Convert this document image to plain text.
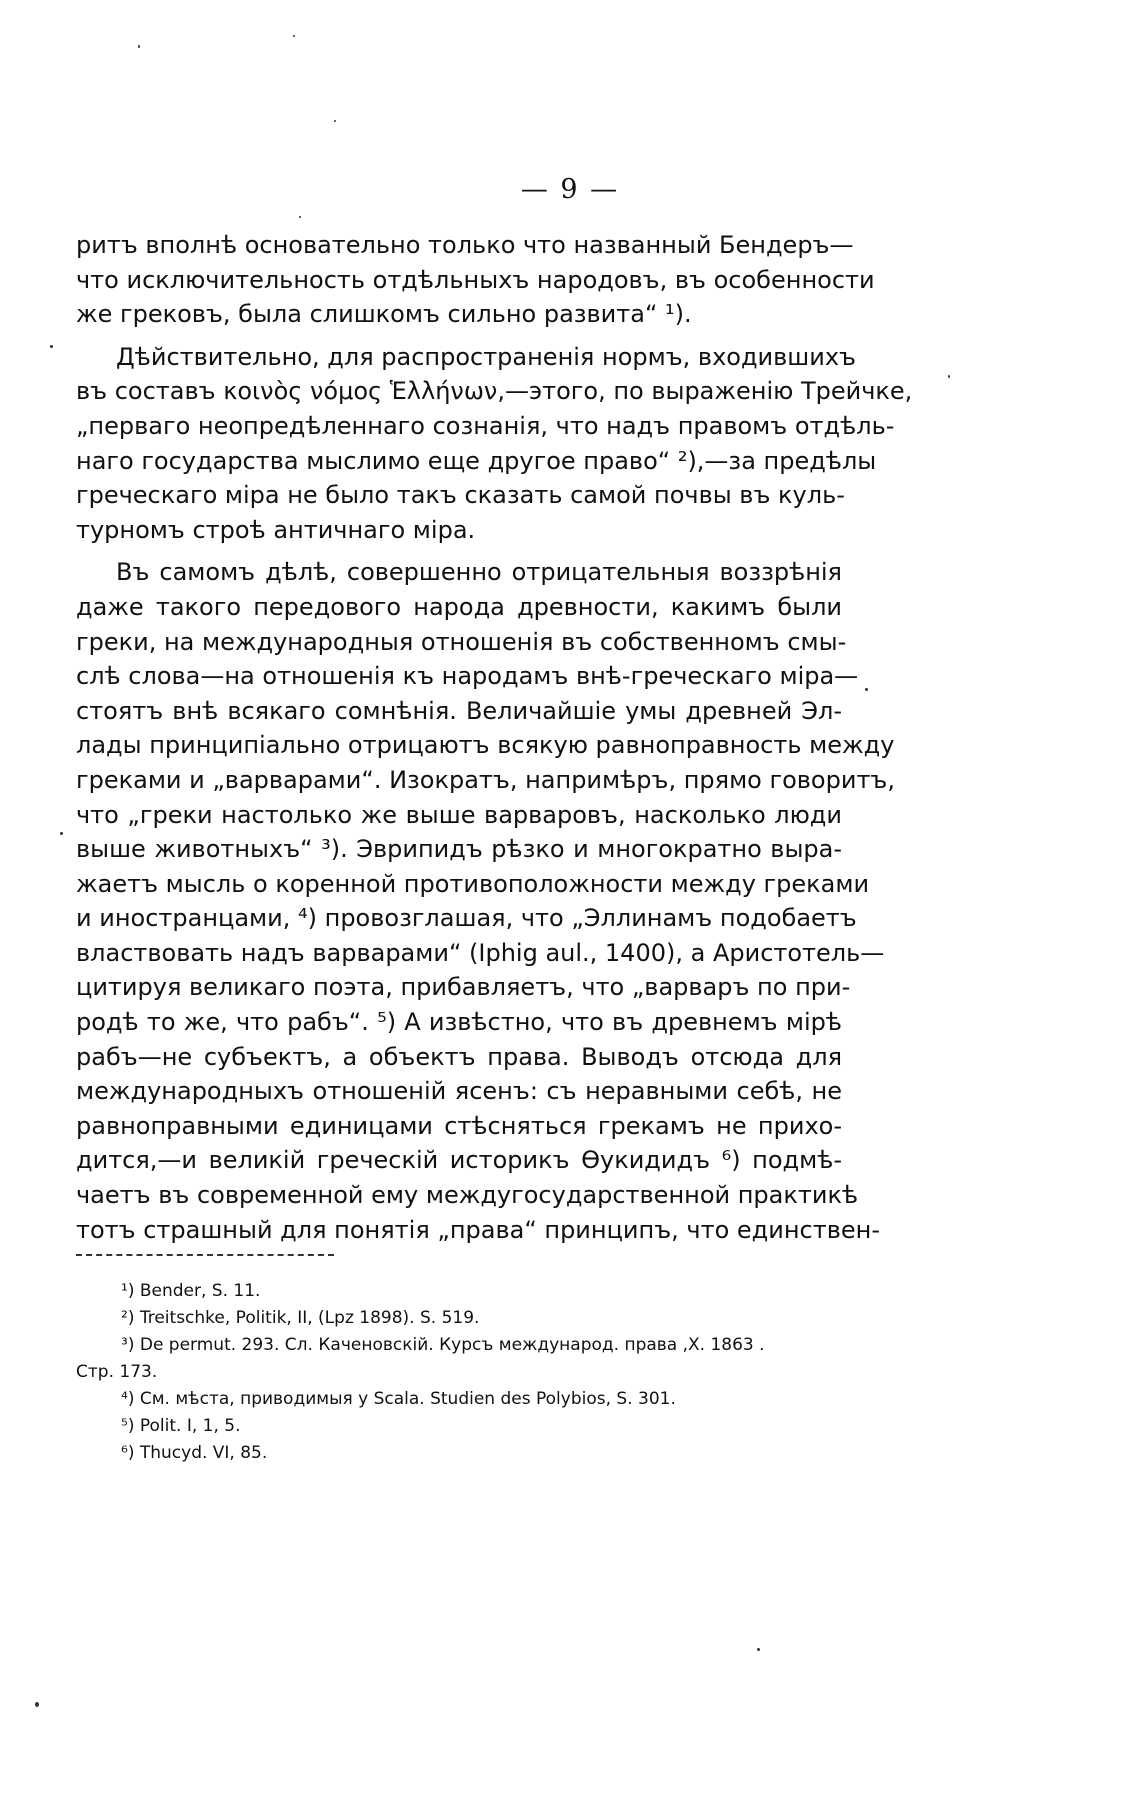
— 9 —
ритъ вполнѣ основательно только что названный Бендеръ—
что исключительность отдѣльныхъ народовъ, въ особенности
же грековъ, была слишкомъ сильно развита“ ¹).
Дѣйствительно, для распространенія нормъ, входившихъ
въ составъ κοινὸς νόμος Ἑλλήνων,—этого, по выраженію Трейчке,
„перваго неопредѣленнаго сознанія, что надъ правомъ отдѣль-
наго государства мыслимо еще другое право“ ²),—за предѣлы
греческаго міра не было такъ сказать самой почвы въ куль-
турномъ строѣ античнаго міра.
Въ самомъ дѣлѣ, совершенно отрицательныя воззрѣнія
даже такого передового народа древности, какимъ были
греки, на международныя отношенія въ собственномъ смы-
слѣ слова—на отношенія къ народамъ внѣ-греческаго міра—
стоятъ внѣ всякаго сомнѣнія. Величайшіе умы древней Эл-
лады принципіально отрицаютъ всякую равноправность между
греками и „варварами“. Изократъ, напримѣръ, прямо говоритъ,
что „греки настолько же выше варваровъ, насколько люди
выше животныхъ“ ³). Эврипидъ рѣзко и многократно выра-
жаетъ мысль о коренной противоположности между греками
и иностранцами, ⁴) провозглашая, что „Эллинамъ подобаетъ
властвовать надъ варварами“ (Iphig aul., 1400), а Аристотель—
цитируя великаго поэта, прибавляетъ, что „варваръ по при-
родѣ то же, что рабъ“. ⁵) А извѣстно, что въ древнемъ мірѣ
рабъ—не субъектъ, а объектъ права. Выводъ отсюда для
международныхъ отношеній ясенъ: съ неравными себѣ, не
равноправными единицами стѣсняться грекамъ не прихо-
дится,—и великій греческій историкъ Өукидидъ ⁶) подмѣ-
чаетъ въ современной ему междугосударственной практикѣ
тотъ страшный для понятія „права“ принципъ, что единствен-
¹) Bender, S. 11.
²) Treitschke, Politik, II, (Lpz 1898). S. 519.
³) De permut. 293. Сл. Каченовскій. Курсъ международ. права ,Х. 1863 .
Стр. 173.
⁴) См. мѣста, приводимыя у Scala. Studien des Polybios, S. 301.
⁵) Polit. I, 1, 5.
⁶) Thucyd. VI, 85.
